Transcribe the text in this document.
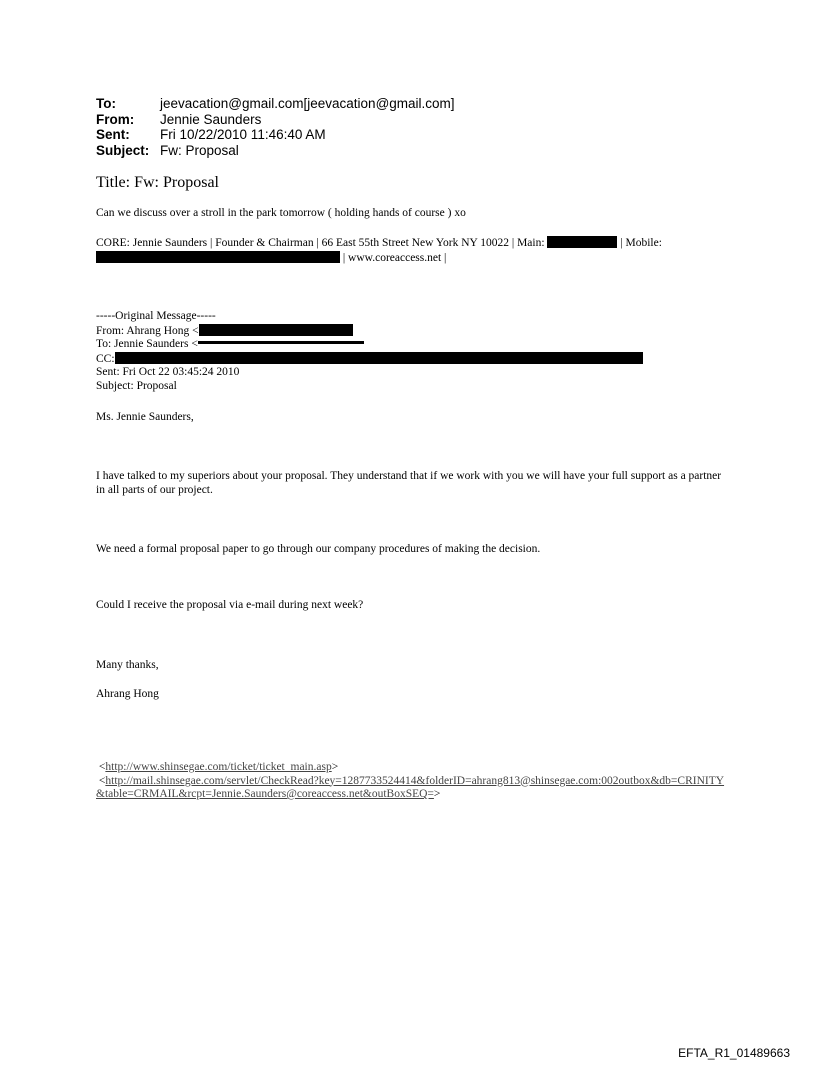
To:	jeevacation@gmail.com[jeevacation@gmail.com]
From:	Jennie Saunders
Sent:	Fri 10/22/2010 11:46:40 AM
Subject: Fw: Proposal
Title: Fw: Proposal
Can we discuss over a stroll in the park tomorrow ( holding hands of course ) xo
CORE: Jennie Saunders | Founder & Chairman | 66 East 55th Street New York NY 10022 | Main:	| Mobile:
| www.coreaccess.net |
-----Original Message-----
From: Ahrang Hong <
To: Jennie Saunders <
CC:
Sent: Fri Oct 22 03:45:24 2010
Subject: Proposal
Ms. Jennie Saunders,
I have talked to my superiors about your proposal. They understand that if we work with you we will have your full support as a partner in all parts of our project.
We need a formal proposal paper to go through our company procedures of making the decision.
Could I receive the proposal via e-mail during next week?
Many thanks,
Ahrang Hong
<http://www.shinsegae.com/ticket/ticket_main.asp>
<http://mail.shinsegae.com/servlet/CheckRead?key=1287733524414&folderID=ahrang813@shinsegae.com:002outbox&db=CRINITY&table=CRMAIL&rcpt=Jennie.Saunders@coreaccess.net&outBoxSEQ=>
EFTA_R1_01489663
